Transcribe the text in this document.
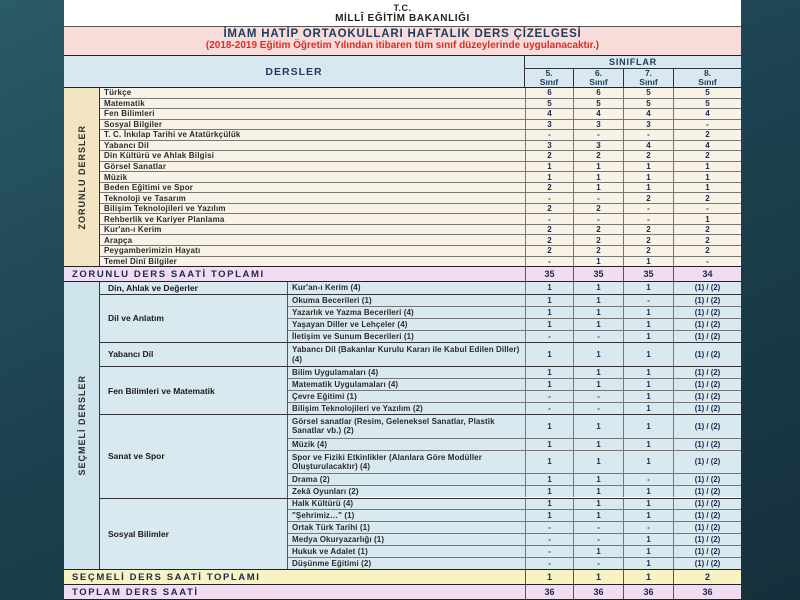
T.C.
MİLLÎ EĞİTİM BAKANLIĞI
İMAM HATİP ORTAOKULLARI HAFTALIK DERS ÇİZELGESİ
(2018-2019 Eğitim Öğretim Yılından itibaren tüm sınıf düzeylerinde uygulanacaktır.)
DERSLER
SINIFLAR
5.
Sınıf
6.
Sınıf
7.
Sınıf
8.
Sınıf
ZORUNLU DERSLER
Türkçe	6	6	5	5
Matematik	5	5	5	5
Fen Bilimleri	4	4	4	4
Sosyal Bilgiler	3	3	3	-
T. C. İnkılap Tarihi ve Atatürkçülük	-	-	-	2
Yabancı Dil	3	3	4	4
Din Kültürü ve Ahlak Bilgisi	2	2	2	2
Görsel Sanatlar	1	1	1	1
Müzik	1	1	1	1
Beden Eğitimi ve Spor	2	1	1	1
Teknoloji ve Tasarım	-	-	2	2
Bilişim Teknolojileri ve Yazılım	2	2	-	-
Rehberlik ve Kariyer Planlama	-	-	-	1
Kur'an-ı Kerim	2	2	2	2
Arapça	2	2	2	2
Peygamberimizin Hayatı	2	2	2	2
Temel Dinî Bilgiler	-	1	1	-
ZORUNLU DERS SAATİ TOPLAMI	35	35	35	34
SEÇMELİ DERSLER
Din, Ahlak ve Değerler	Kur'an-ı Kerim (4)	1	1	1	(1) / (2)
Dil ve Anlatım
Okuma Becerileri (1)	1	1	-	(1) / (2)
Yazarlık ve Yazma Becerileri (4)	1	1	1	(1) / (2)
Yaşayan Diller ve Lehçeler (4)	1	1	1	(1) / (2)
İletişim ve Sunum Becerileri (1)	-	-	1	(1) / (2)
Yabancı Dil	Yabancı Dil (Bakanlar Kurulu Kararı ile Kabul Edilen Diller) (4)	1	1	1	(1) / (2)
Fen Bilimleri ve Matematik
Bilim Uygulamaları (4)	1	1	1	(1) / (2)
Matematik Uygulamaları (4)	1	1	1	(1) / (2)
Çevre Eğitimi (1)	-	-	1	(1) / (2)
Bilişim Teknolojileri ve Yazılım (2)	-	-	1	(1) / (2)
Sanat ve Spor
Görsel sanatlar (Resim, Geleneksel Sanatlar, Plastik Sanatlar vb.) (2)	1	1	1	(1) / (2)
Müzik (4)	1	1	1	(1) / (2)
Spor ve Fiziki Etkinlikler (Alanlara Göre Modüller Oluşturulacaktır) (4)	1	1	1	(1) / (2)
Drama (2)	1	1	-	(1) / (2)
Zekâ Oyunları (2)	1	1	1	(1) / (2)
Sosyal Bilimler
Halk Kültürü (4)	1	1	1	(1) / (2)
"Şehrimiz…" (1)	1	1	1	(1) / (2)
Ortak Türk Tarihi (1)	-	-	-	(1) / (2)
Medya Okuryazarlığı (1)	-	-	1	(1) / (2)
Hukuk ve Adalet (1)	-	1	1	(1) / (2)
Düşünme Eğitimi (2)	-	-	1	(1) / (2)
SEÇMELİ DERS SAATİ TOPLAMI	1	1	1	2
TOPLAM DERS SAATİ	36	36	36	36
